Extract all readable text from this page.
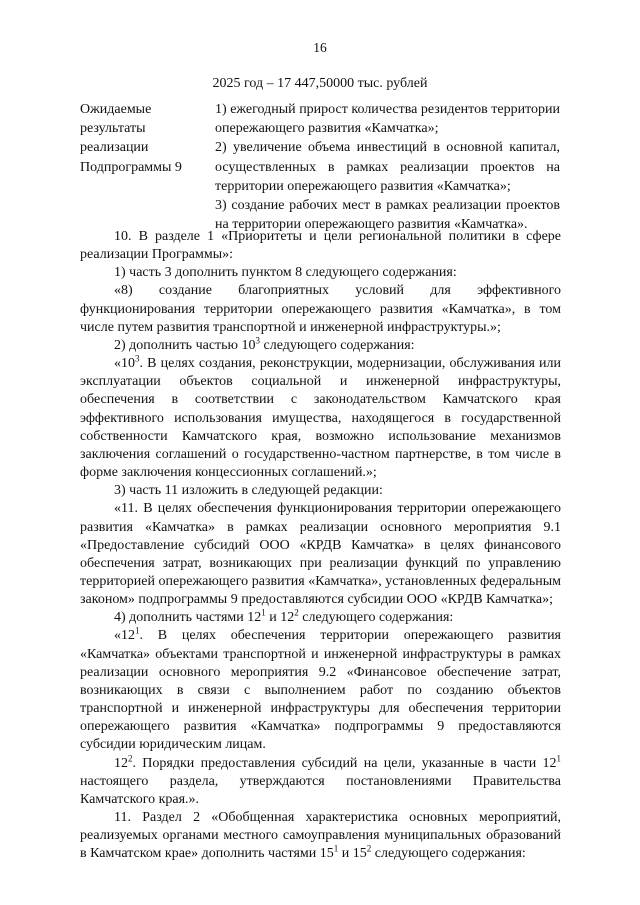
16
2025 год – 17 447,50000 тыс. рублей
Ожидаемые
результаты
реализации
Подпрограммы 9

1) ежегодный прирост количества резидентов территории опережающего развития «Камчатка»;

2) увеличение объема инвестиций в основной капитал, осуществленных в рамках реализации проектов на территории опережающего развития «Камчатка»;

3) создание рабочих мест в рамках реализации проектов на территории опережающего развития «Камчатка».

10. В разделе 1 «Приоритеты и цели региональной политики в сфере реализации Программы»:

1) часть 3 дополнить пунктом 8 следующего содержания:

«8) создание благоприятных условий для эффективного функционирования территории опережающего развития «Камчатка», в том числе путем развития транспортной и инженерной инфраструктуры.»;

2) дополнить частью $10^3$ следующего содержания:

«$10^3$. В целях создания, реконструкции, модернизации, обслуживания или эксплуатации объектов социальной и инженерной инфраструктуры, обеспечения в соответствии с законодательством Камчатского края эффективного использования имущества, находящегося в государственной собственности Камчатского края, возможно использование механизмов заключения соглашений о государственно-частном партнерстве, в том числе в форме заключения концессионных соглашений.»;

3) часть 11 изложить в следующей редакции:

«11. В целях обеспечения функционирования территории опережающего развития «Камчатка» в рамках реализации основного мероприятия 9.1 «Предоставление субсидий ООО «КРДВ Камчатка» в целях финансового обеспечения затрат, возникающих при реализации функций по управлению территорией опережающего развития «Камчатка», установленных федеральным законом» подпрограммы 9 предоставляются субсидии ООО «КРДВ Камчатка»;

4) дополнить частями $12^1$ и $12^2$ следующего содержания:

«$12^1$. В целях обеспечения территории опережающего развития «Камчатка» объектами транспортной и инженерной инфраструктуры в рамках реализации основного мероприятия 9.2 «Финансовое обеспечение затрат, возникающих в связи с выполнением работ по созданию объектов транспортной и инженерной инфраструктуры для обеспечения территории опережающего развития «Камчатка» подпрограммы 9 предоставляются субсидии юридическим лицам.

$12^2$. Порядки предоставления субсидий на цели, указанные в части $12^1$ настоящего раздела, утверждаются постановлениями Правительства Камчатского края.».

11. Раздел 2 «Обобщенная характеристика основных мероприятий, реализуемых органами местного самоуправления муниципальных образований в Камчатском крае» дополнить частями $15^1$ и $15^2$ следующего содержания:
